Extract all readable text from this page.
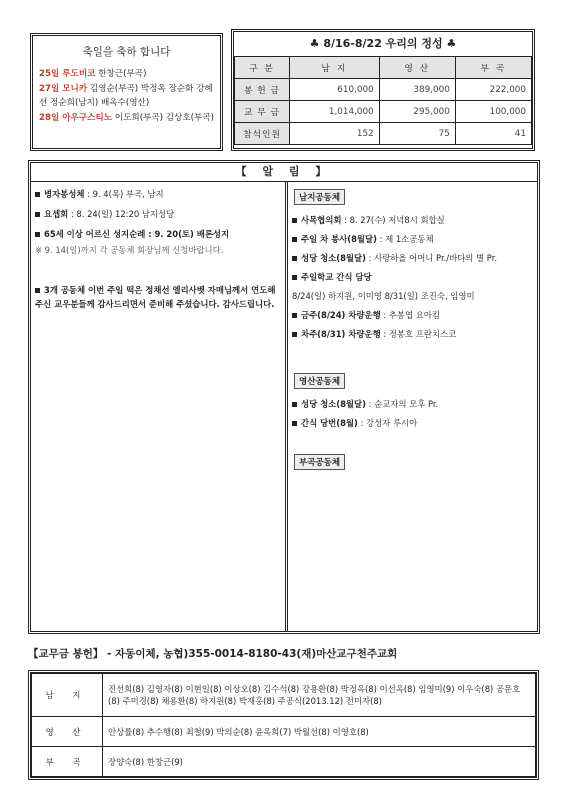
축일을 축하 합니다
25일 루도비코 한창근(부곡)
27일 모니카 김영순(부곡) 박정옥 장순화 강혜선 정순희(남지) 배옥수(영산)
28일 아우구스티노 이도희(부곡) 김상호(부곡)
♣ 8/16-8/22 우리의 정성 ♣
구 분	남 지	영 산	부 곡
봉 헌 금	610,000	389,000	222,000
교 무 금	1,014,000	295,000	100,000
참석인원	152	75	41
【 알 림 】
병자봉성체 : 9. 4(목) 부곡, 남지
요셉회 : 8. 24(일) 12:20 남지성당
65세 이상 어르신 성지순례 : 9. 20(토) 배론성지
※ 9. 14(일)까지 각 공동체 회장님께 신청바랍니다.
3개 공동체 이번 주일 떡은 정채선 엘리사벳 자매님께서 연도해 주신 교우분들께 감사드리면서 준비해 주셨습니다. 감사드립니다.
남지공동체
사목협의회 : 8. 27(수) 저녁8시 회합실
주일 차 봉사(8월달) : 제 1소공동체
성당 청소(8월달) : 사랑하올 어머니 Pr./바다의 별 Pr.
주일학교 간식 담당
8/24(일) 하지원, 이미영 8/31(일) 조진숙, 임영미
금주(8/24) 차량운행 : 추봉엽 요아킴
차주(8/31) 차량운행 : 정봉호 프란치스코
영산공동체
성당 청소(8월달) : 순교자의 모후 Pr.
간식 당번(8월) : 강성자 루시아
부곡공동체
【교무금 봉헌】 - 자동이체, 농협)355-0014-8180-43(재)마산교구천주교회
남 지	진선희(8) 김영자(8) 이현일(8) 이상오(8) 김수석(8) 강용환(8) 박정옥(8) 이선옥(8) 임영미(9) 이우숙(8) 공문호(8) 주미경(8) 채용환(8) 하지원(8) 박재홍(8) 주공식(2013.12) 전미자(8)
영 산	안상률(8) 추수행(8) 최철(9) 박의순(8) 윤옥희(7) 박월선(8) 이영호(8)
부 곡	장양숙(8) 한창근(9)
